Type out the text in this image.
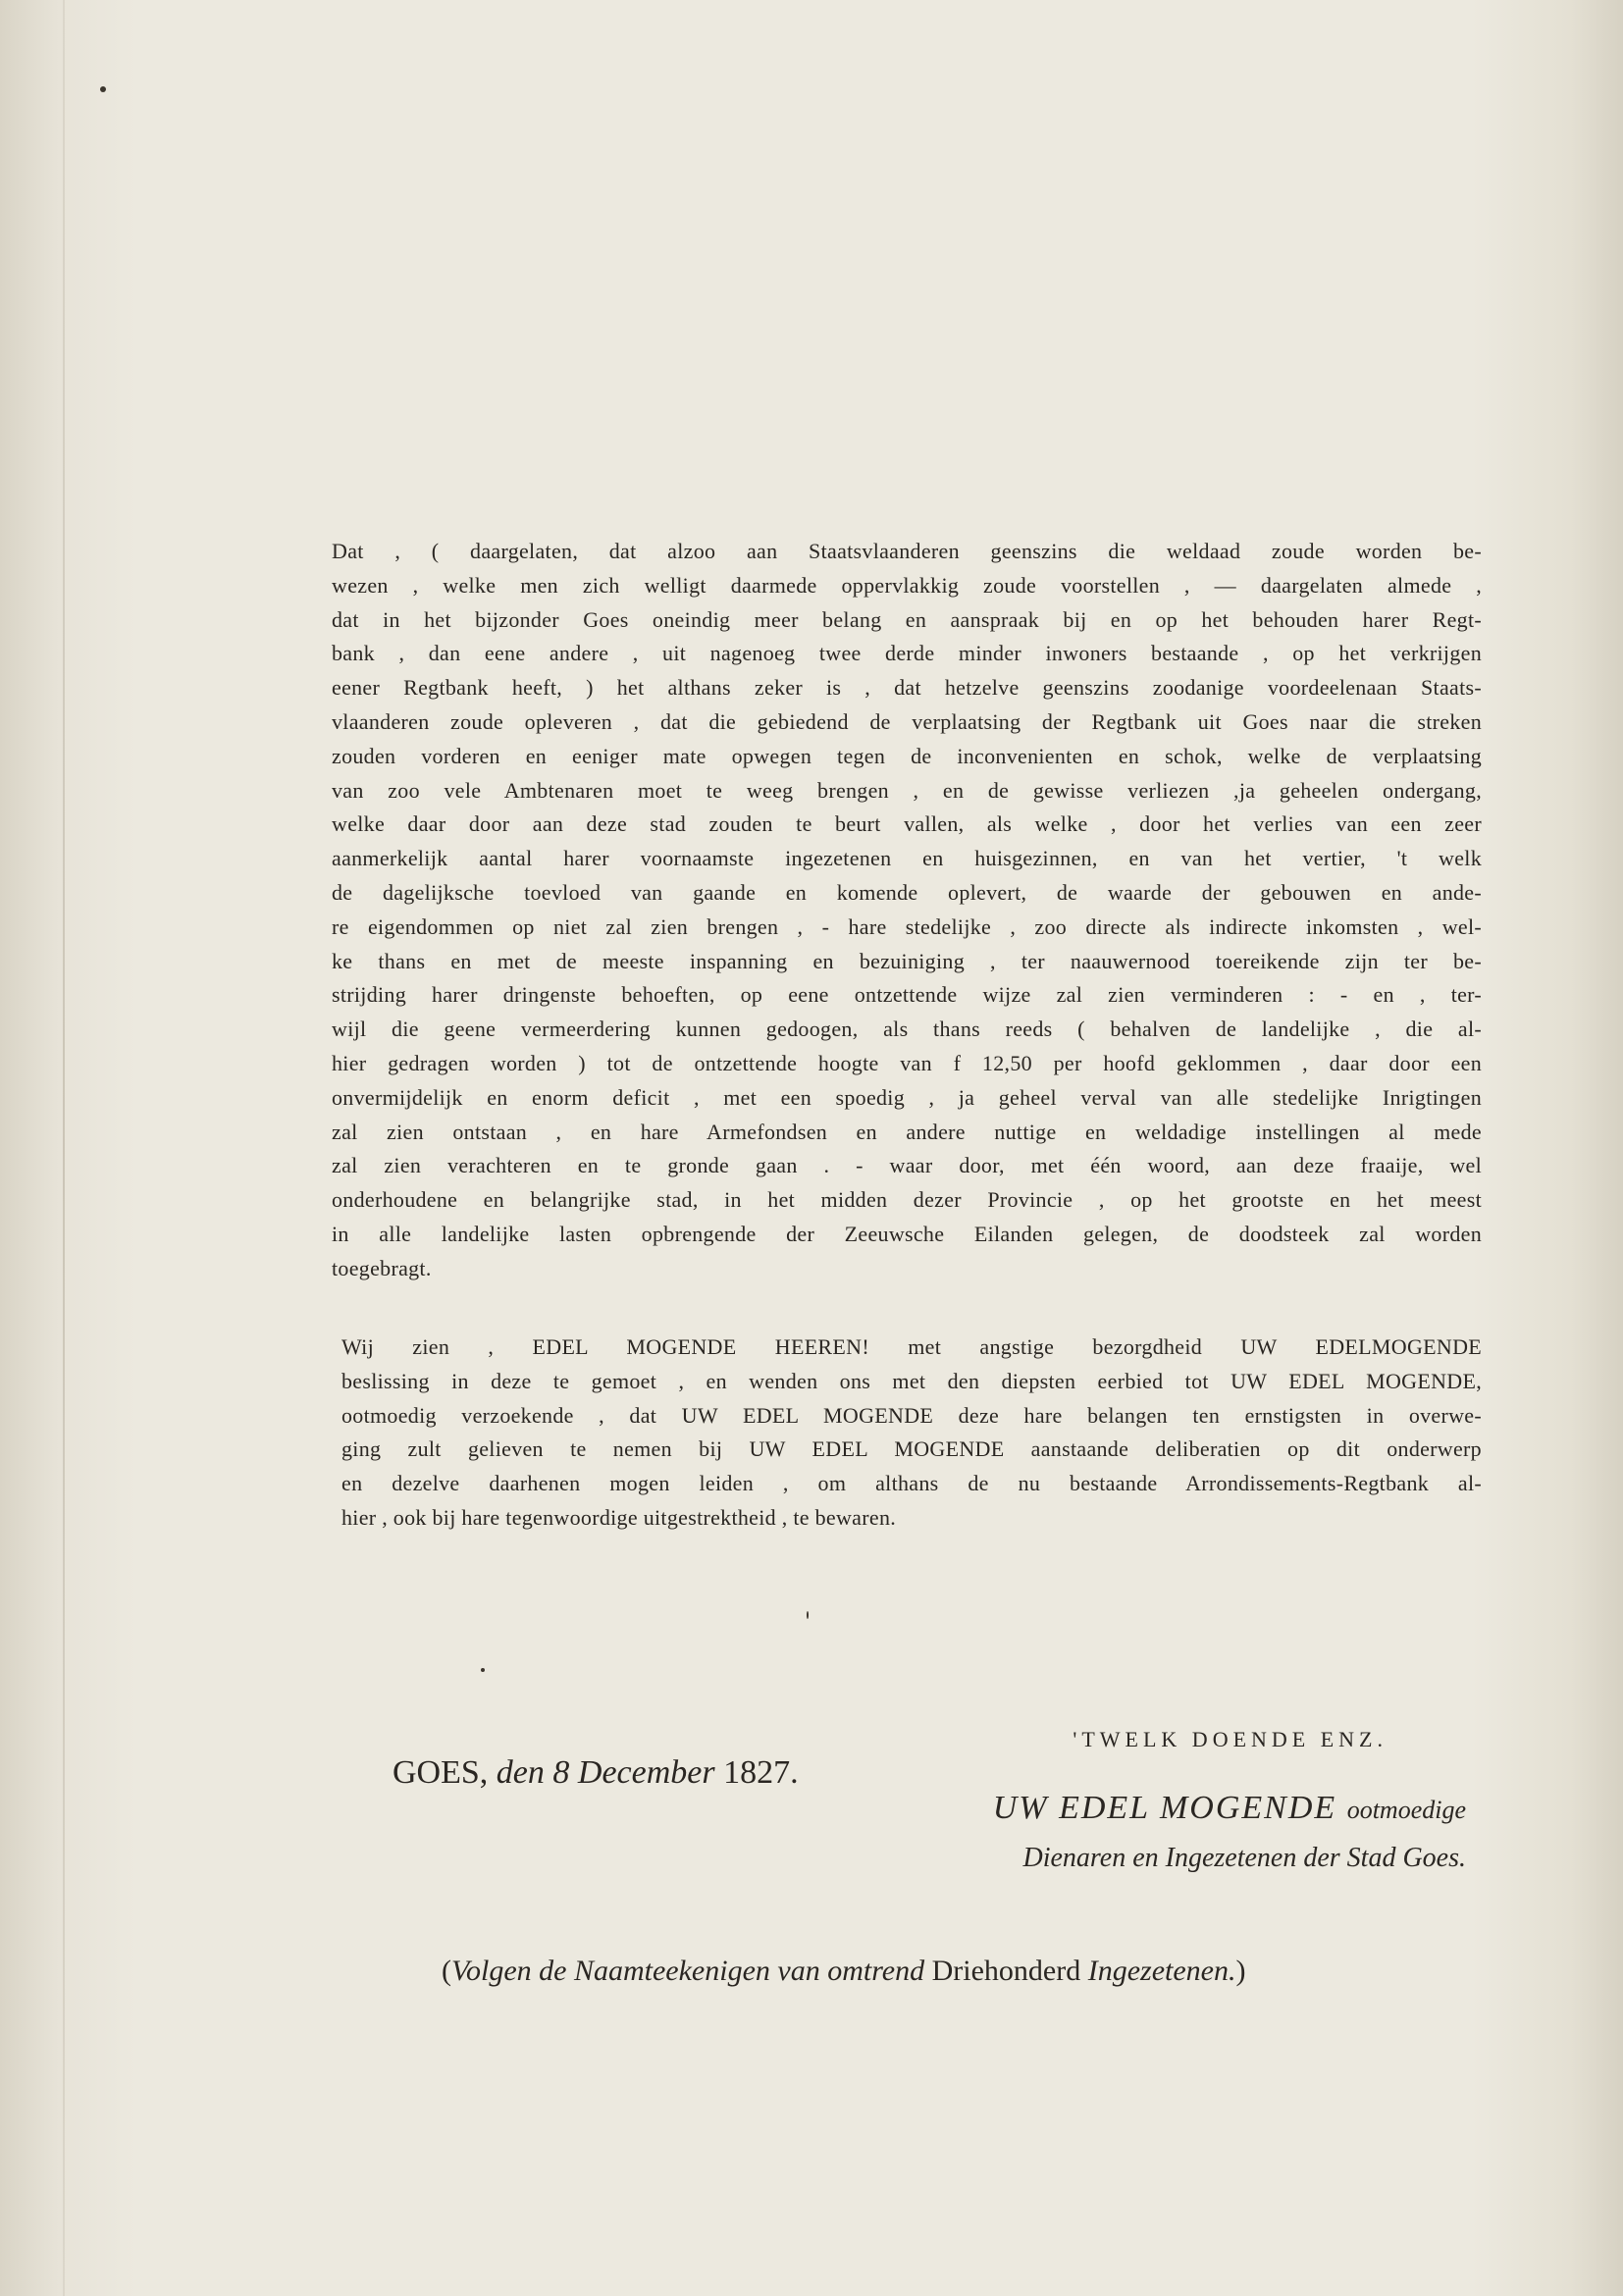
Dat , ( daargelaten, dat alzoo aan Staatsvlaanderen geenszins die weldaad zoude worden be-
wezen , welke men zich welligt daarmede oppervlakkig zoude voorstellen , — daargelaten almede ,
dat in het bijzonder Goes oneindig meer belang en aanspraak bij en op het behouden harer Regt-
bank , dan eene andere , uit nagenoeg twee derde minder inwoners bestaande , op het verkrijgen
eener Regtbank heeft, ) het althans zeker is , dat hetzelve geenszins zoodanige voordeelenaan Staats-
vlaanderen zoude opleveren , dat die gebiedend de verplaatsing der Regtbank uit Goes naar die streken
zouden vorderen en eeniger mate opwegen tegen de inconvenienten en schok, welke de verplaatsing
van zoo vele Ambtenaren moet te weeg brengen , en de gewisse verliezen ,ja geheelen ondergang,
welke daar door aan deze stad zouden te beurt vallen, als welke , door het verlies van een zeer
aanmerkelijk aantal harer voornaamste ingezetenen en huisgezinnen, en van het vertier, 't welk
de dagelijksche toevloed van gaande en komende oplevert, de waarde der gebouwen en ande-
re eigendommen op niet zal zien brengen , - hare stedelijke , zoo directe als indirecte inkomsten , wel-
ke thans en met de meeste inspanning en bezuiniging , ter naauwernood toereikende zijn ter be-
strijding harer dringenste behoeften, op eene ontzettende wijze zal zien verminderen : - en , ter-
wijl die geene vermeerdering kunnen gedoogen, als thans reeds ( behalven de landelijke , die al-
hier gedragen worden ) tot de ontzettende hoogte van f 12,50 per hoofd geklommen , daar door een
onvermijdelijk en enorm deficit , met een spoedig , ja geheel verval van alle stedelijke Inrigtingen
zal zien ontstaan , en hare Armefondsen en andere nuttige en weldadige instellingen al mede
zal zien verachteren en te gronde gaan . - waar door, met één woord, aan deze fraaije, wel
onderhoudene en belangrijke stad, in het midden dezer Provincie , op het grootste en het meest
in alle landelijke lasten opbrengende der Zeeuwsche Eilanden gelegen, de doodsteek zal worden
toegebragt.
Wij zien , EDEL MOGENDE HEEREN! met angstige bezorgdheid UW EDELMOGENDE
beslissing in deze te gemoet , en wenden ons met den diepsten eerbied tot UW EDEL MOGENDE,
ootmoedig verzoekende , dat UW EDEL MOGENDE deze hare belangen ten ernstigsten in overwe-
ging zult gelieven te nemen bij UW EDEL MOGENDE aanstaande deliberatien op dit onderwerp
en dezelve daarhenen mogen leiden , om althans de nu bestaande Arrondissements-Regtbank al-
hier , ook bij hare tegenwoordige uitgestrektheid , te bewaren.
'TWELK DOENDE ENZ.
GOES, den 8 December 1827.
UW EDEL MOGENDE ootmoedige
Dienaren en Ingezetenen der Stad Goes.
(Volgen de Naamteekenigen van omtrend Driehonderd Ingezetenen.)
